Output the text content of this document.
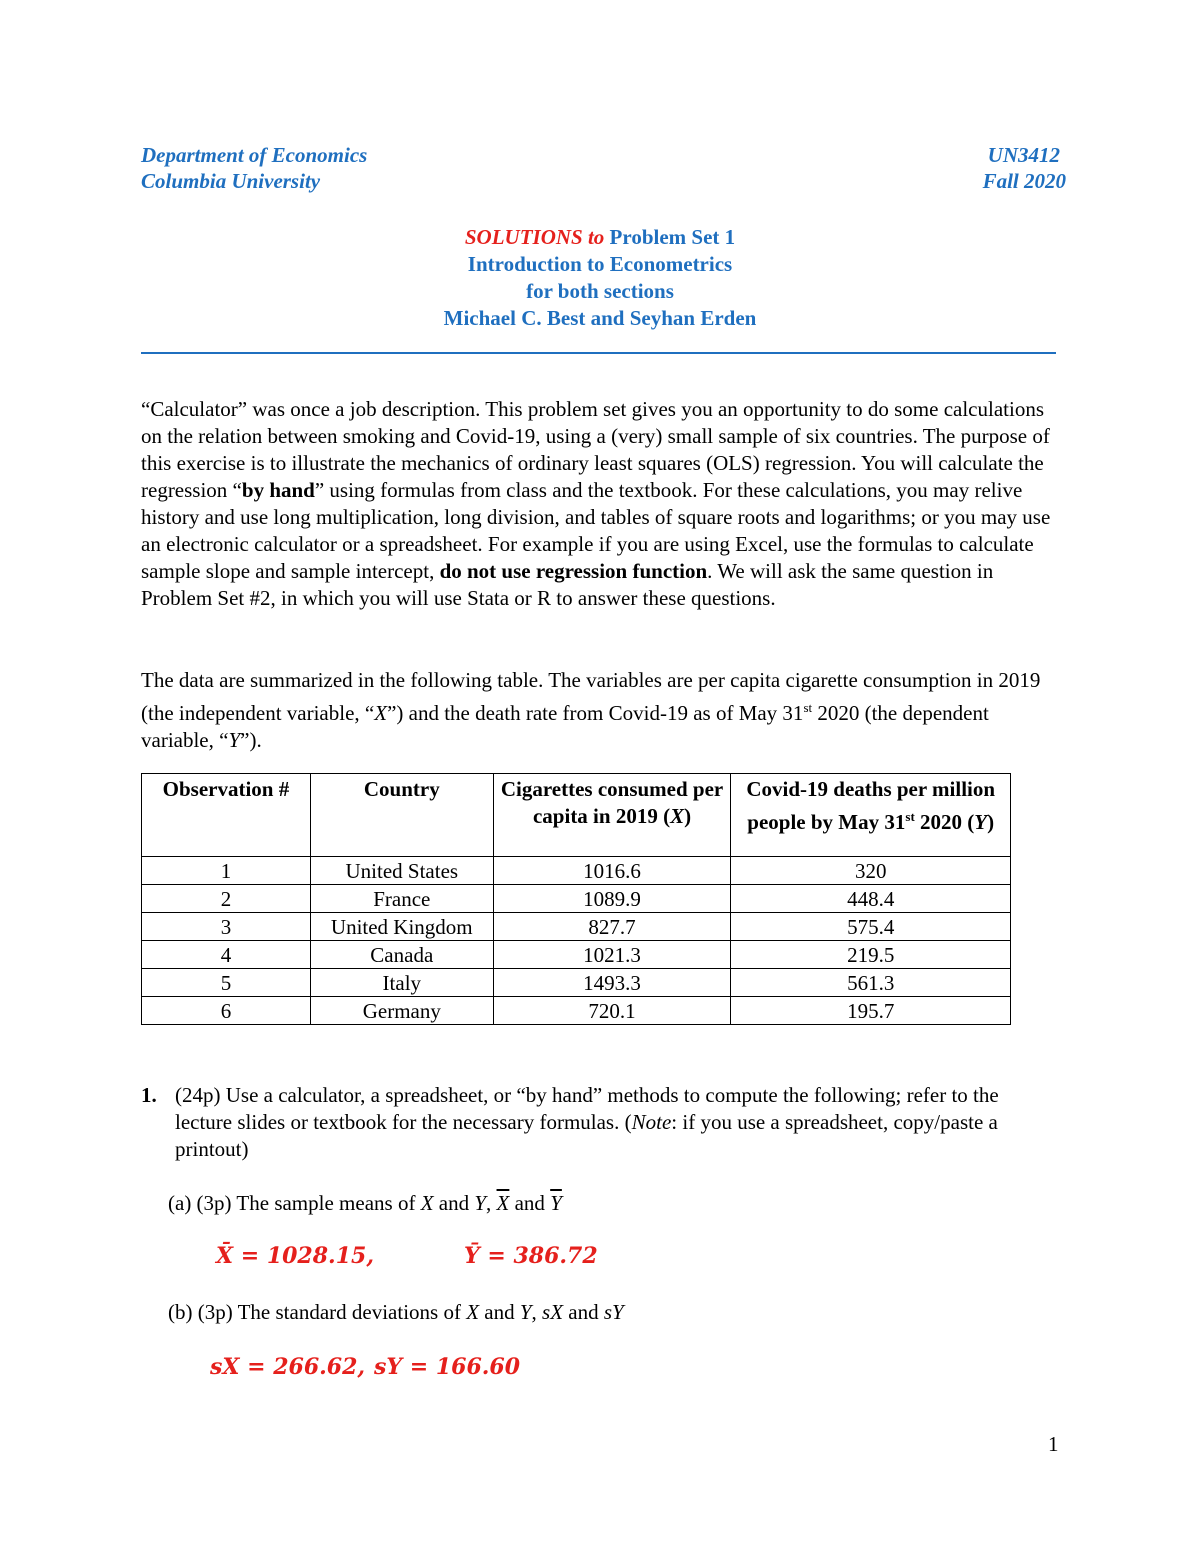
Department of Economics
Columbia University
UN3412
Fall 2020
SOLUTIONS to Problem Set 1
Introduction to Econometrics
for both sections
Michael C. Best and Seyhan Erden
“Calculator” was once a job description. This problem set gives you an opportunity to do some calculations on the relation between smoking and Covid-19, using a (very) small sample of six countries. The purpose of this exercise is to illustrate the mechanics of ordinary least squares (OLS) regression. You will calculate the regression “by hand” using formulas from class and the textbook. For these calculations, you may relive history and use long multiplication, long division, and tables of square roots and logarithms; or you may use an electronic calculator or a spreadsheet. For example if you are using Excel, use the formulas to calculate sample slope and sample intercept, do not use regression function. We will ask the same question in Problem Set #2, in which you will use Stata or R to answer these questions.
The data are summarized in the following table. The variables are per capita cigarette consumption in 2019 (the independent variable, “X”) and the death rate from Covid-19 as of May 31st 2020 (the dependent variable, “Y”).
Observation #	Country	Cigarettes consumed per capita in 2019 (X)	Covid-19 deaths per million people by May 31st 2020 (Y)
1	United States	1016.6	320
2	France	1089.9	448.4
3	United Kingdom	827.7	575.4
4	Canada	1021.3	219.5
5	Italy	1493.3	561.3
6	Germany	720.1	195.7
1. (24p) Use a calculator, a spreadsheet, or “by hand” methods to compute the following; refer to the lecture slides or textbook for the necessary formulas. (Note: if you use a spreadsheet, copy/paste a printout)
(a) (3p) The sample means of X and Y, $\overline{X}$ and $\overline{Y}$
X̄ = 1028.15,	Ȳ = 386.72
(b) (3p) The standard deviations of X and Y, sX and sY
sX = 266.62, sY = 166.60
1
